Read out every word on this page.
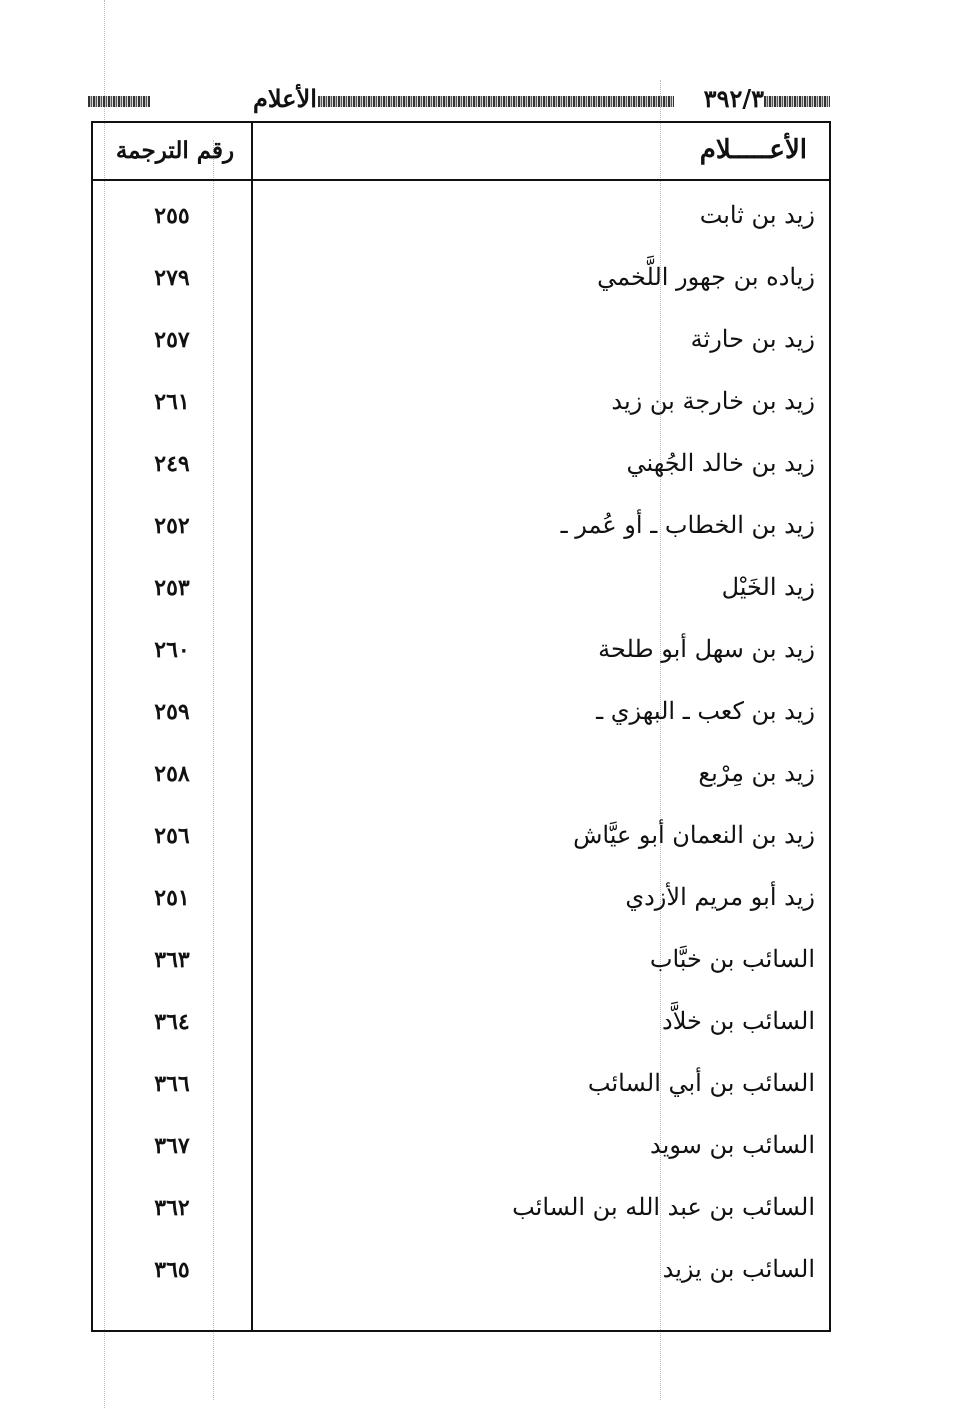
الأعلام	٣٩٢/٣
الأعـــــلام
رقم الترجمة
زيد بن ثابت
٢٥٥
زياده بن جهور اللَّخمي
٢٧٩
زيد بن حارثة
٢٥٧
زيد بن خارجة بن زيد
٢٦١
زيد بن خالد الجُهني
٢٤٩
زيد بن الخطاب ـ أو عُمر ـ
٢٥٢
زيد الخَيْل
٢٥٣
زيد بن سهل أبو طلحة
٢٦٠
زيد بن كعب ـ البهزي ـ
٢٥٩
زيد بن مِرْبع
٢٥٨
زيد بن النعمان أبو عيَّاش
٢٥٦
زيد أبو مريم الأزدي
٢٥١
السائب بن خبَّاب
٣٦٣
السائب بن خلاَّد
٣٦٤
السائب بن أبي السائب
٣٦٦
السائب بن سويد
٣٦٧
السائب بن عبد الله بن السائب
٣٦٢
السائب بن يزيد
٣٦٥
